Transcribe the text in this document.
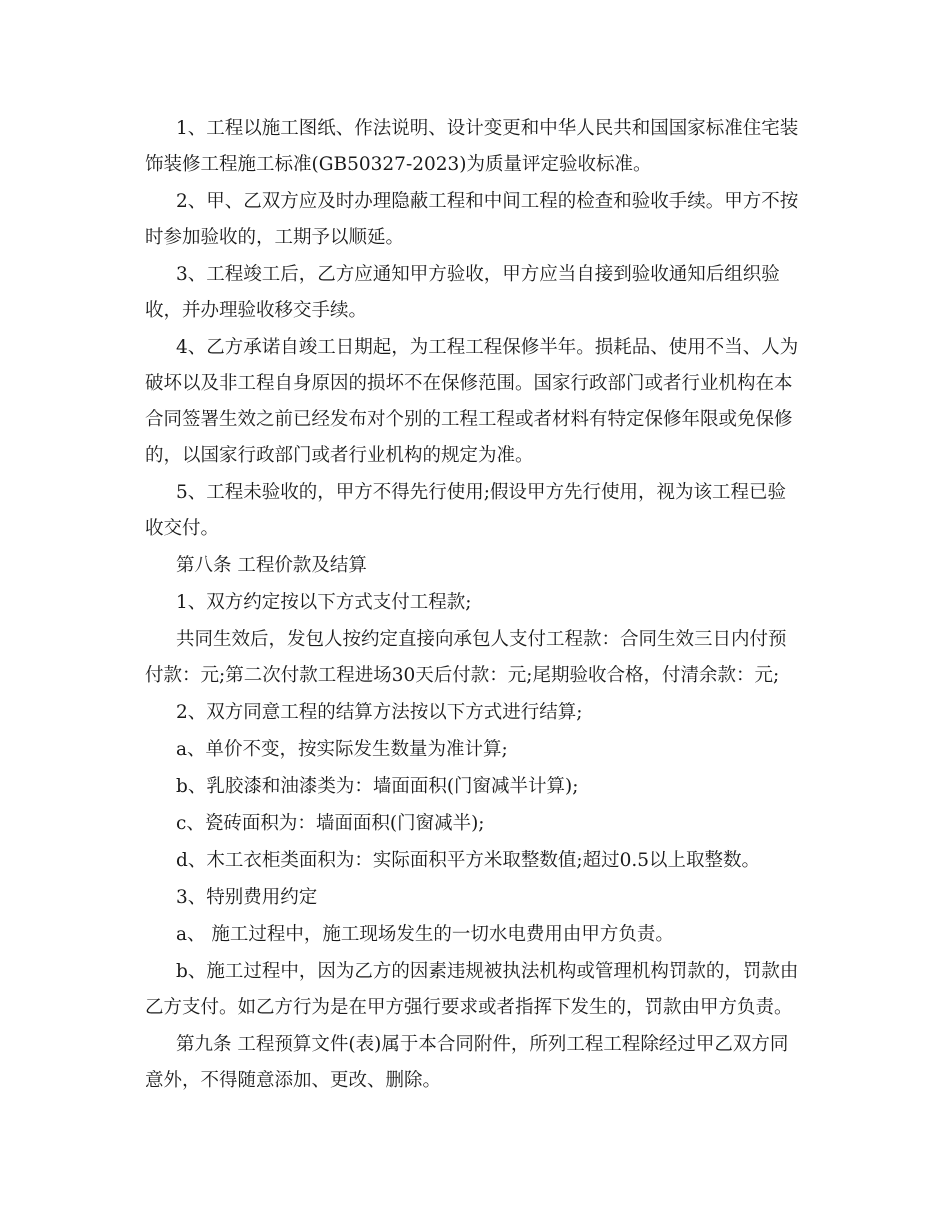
1、工程以施工图纸、作法说明、设计变更和中华人民共和国国家标准住宅装
饰装修工程施工标准(GB50327-2023)为质量评定验收标准。
2、甲、乙双方应及时办理隐蔽工程和中间工程的检查和验收手续。甲方不按
时参加验收的，工期予以顺延。
3、工程竣工后，乙方应通知甲方验收，甲方应当自接到验收通知后组织验
收，并办理验收移交手续。
4、乙方承诺自竣工日期起，为工程工程保修半年。损耗品、使用不当、人为
破坏以及非工程自身原因的损坏不在保修范围。国家行政部门或者行业机构在本
合同签署生效之前已经发布对个别的工程工程或者材料有特定保修年限或免保修
的，以国家行政部门或者行业机构的规定为准。
5、工程未验收的，甲方不得先行使用;假设甲方先行使用，视为该工程已验
收交付。
第八条 工程价款及结算
1、双方约定按以下方式支付工程款;
共同生效后，发包人按约定直接向承包人支付工程款：合同生效三日内付预
付款：元;第二次付款工程进场30天后付款：元;尾期验收合格，付清余款：元;
2、双方同意工程的结算方法按以下方式进行结算;
a、单价不变，按实际发生数量为准计算;
b、乳胶漆和油漆类为：墙面面积(门窗减半计算);
c、瓷砖面积为：墙面面积(门窗减半);
d、木工衣柜类面积为：实际面积平方米取整数值;超过0.5以上取整数。
3、特别费用约定
a、 施工过程中，施工现场发生的一切水电费用由甲方负责。
b、施工过程中，因为乙方的因素违规被执法机构或管理机构罚款的，罚款由
乙方支付。如乙方行为是在甲方强行要求或者指挥下发生的，罚款由甲方负责。
第九条 工程预算文件(表)属于本合同附件，所列工程工程除经过甲乙双方同
意外，不得随意添加、更改、删除。
